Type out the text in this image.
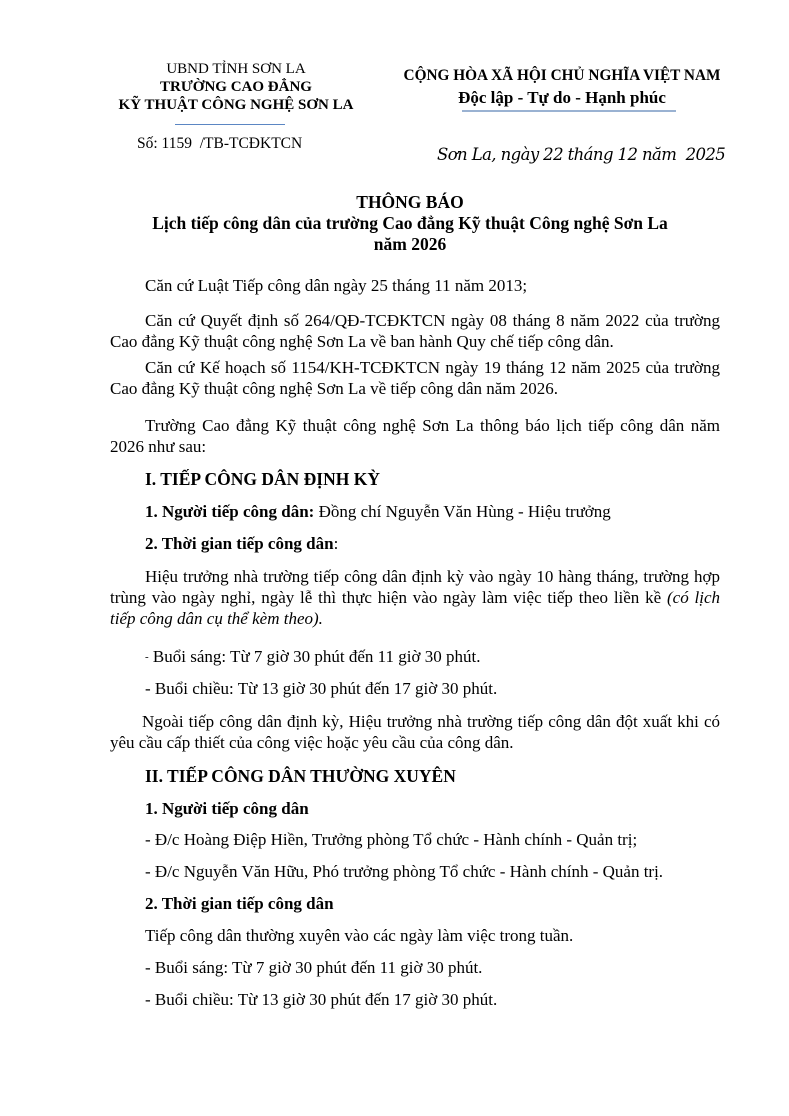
UBND TỈNH SƠN LA
TRƯỜNG CAO ĐẲNG
KỸ THUẬT CÔNG NGHỆ SƠN LA
Số: 1159  /TB-TCĐKTCN
CỘNG HÒA XÃ HỘI CHỦ NGHĨA VIỆT NAM
Độc lập - Tự do - Hạnh phúc
Sơn La, ngày 22 tháng 12 năm  2025
THÔNG BÁO
Lịch tiếp công dân của trường Cao đẳng Kỹ thuật Công nghệ Sơn La
năm 2026
Căn cứ Luật Tiếp công dân ngày 25 tháng 11 năm 2013;
Căn cứ Quyết định số 264/QĐ-TCĐKTCN ngày 08 tháng 8 năm 2022 của trường Cao đẳng Kỹ thuật công nghệ Sơn La về ban hành Quy chế tiếp công dân.
Căn cứ Kế hoạch số 1154/KH-TCĐKTCN ngày 19 tháng 12 năm 2025 của trường Cao đẳng Kỹ thuật công nghệ Sơn La về tiếp công dân năm 2026.
Trường Cao đẳng Kỹ thuật công nghệ Sơn La thông báo lịch tiếp công dân năm 2026 như sau:
I. TIẾP CÔNG DÂN ĐỊNH KỲ
1. Người tiếp công dân: Đồng chí Nguyễn Văn Hùng - Hiệu trưởng
2. Thời gian tiếp công dân:
Hiệu trưởng nhà trường tiếp công dân định kỳ vào ngày 10 hàng tháng, trường hợp trùng vào ngày nghỉ, ngày lễ thì thực hiện vào ngày làm việc tiếp theo liền kề (có lịch tiếp công dân cụ thể kèm theo).
- Buổi sáng: Từ 7 giờ 30 phút đến 11 giờ 30 phút.
- Buổi chiều: Từ 13 giờ 30 phút đến 17 giờ 30 phút.
Ngoài tiếp công dân định kỳ, Hiệu trưởng nhà trường tiếp công dân đột xuất khi có yêu cầu cấp thiết của công việc hoặc yêu cầu của công dân.
II. TIẾP CÔNG DÂN THƯỜNG XUYÊN
1. Người tiếp công dân
- Đ/c Hoàng Điệp Hiền, Trưởng phòng Tổ chức - Hành chính - Quản trị;
- Đ/c Nguyễn Văn Hữu, Phó trưởng phòng Tổ chức - Hành chính - Quản trị.
2. Thời gian tiếp công dân
Tiếp công dân thường xuyên vào các ngày làm việc trong tuần.
- Buổi sáng: Từ 7 giờ 30 phút đến 11 giờ 30 phút.
- Buổi chiều: Từ 13 giờ 30 phút đến 17 giờ 30 phút.
